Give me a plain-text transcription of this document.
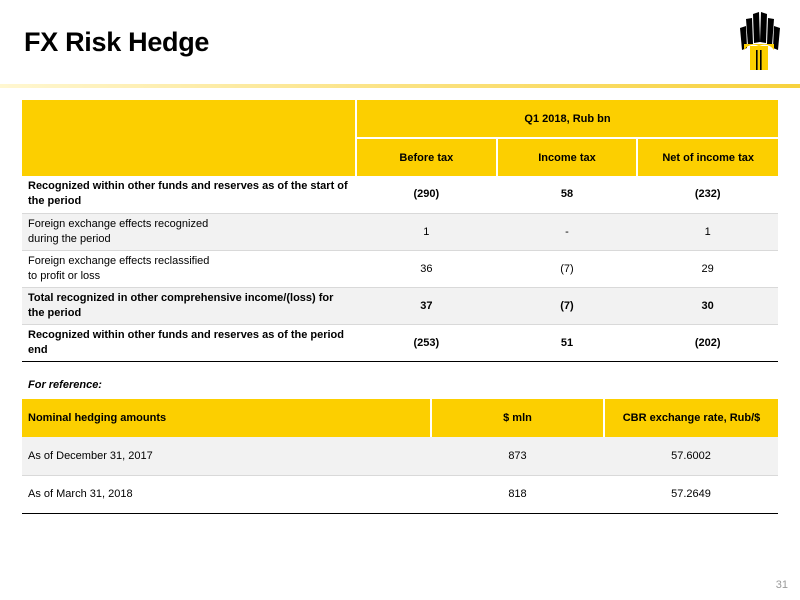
FX Risk Hedge
	Q1 2018, Rub bn		
	Before tax	Income tax	Net of income tax
Recognized within other funds and reserves as of the start of
the period	(290)	58	(232)
Foreign exchange effects recognized
during the period	1	-	1
Foreign exchange effects reclassified
to profit or loss	36	(7)	29
Total recognized in other comprehensive income/(loss) for
the period	37	(7)	30
Recognized within other funds and reserves as of the period
end	(253)	51	(202)
For reference:
Nominal hedging amounts	$ mln	CBR exchange rate, Rub/$
As of December 31, 2017	873	57.6002
As of March 31, 2018	818	57.2649
31
